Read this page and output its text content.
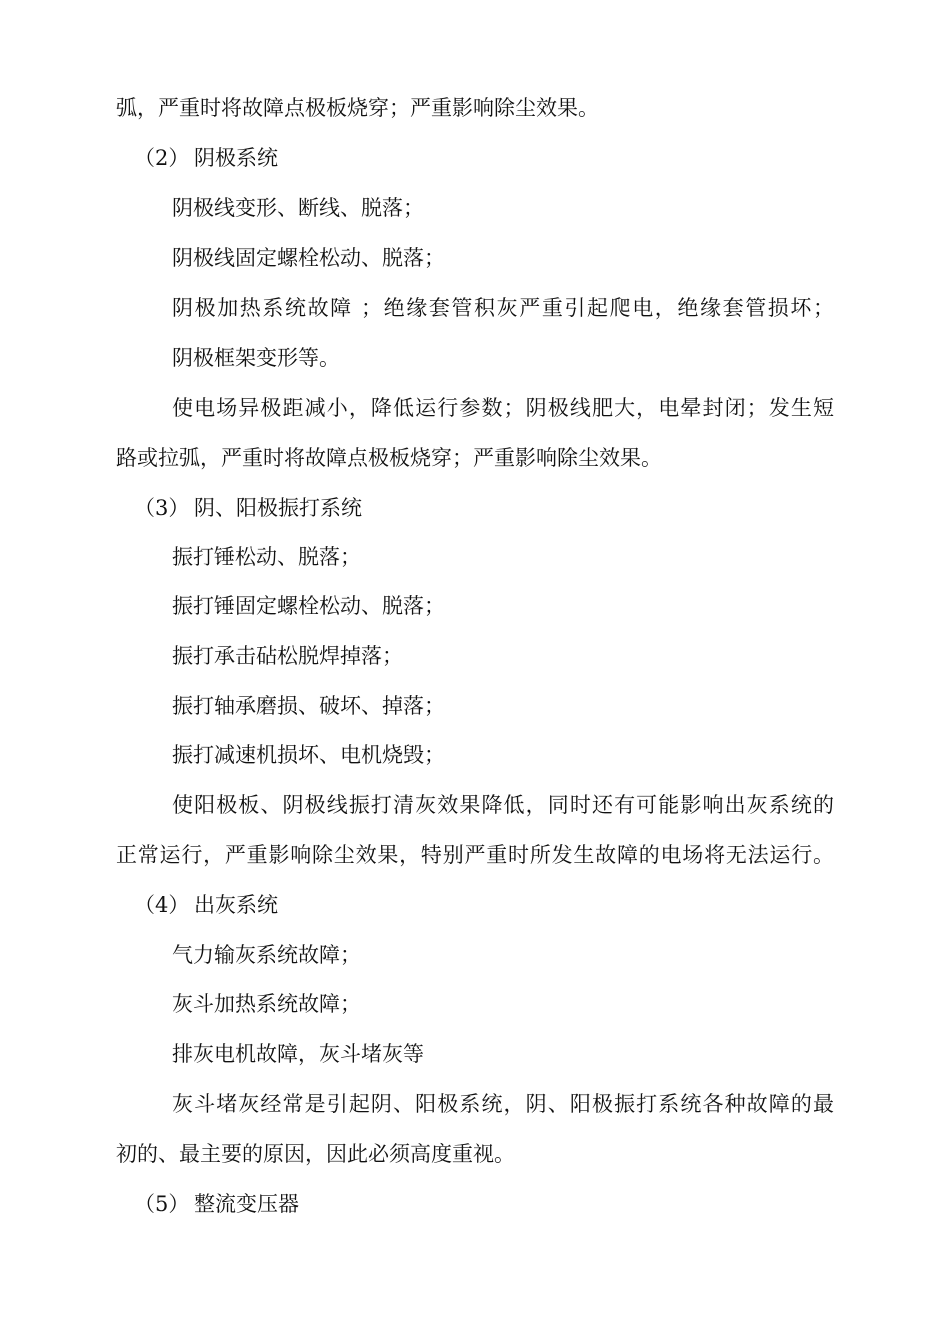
弧，严重时将故障点极板烧穿；严重影响除尘效果。
（2） 阴极系统
阴极线变形、断线、脱落；
阴极线固定螺栓松动、脱落；
阴极加热系统故障 ；绝缘套管积灰严重引起爬电，绝缘套管损坏；
阴极框架变形等。
使电场异极距减小，降低运行参数；阴极线肥大，电晕封闭；发生短
路或拉弧，严重时将故障点极板烧穿；严重影响除尘效果。
（3） 阴、阳极振打系统
振打锤松动、脱落；
振打锤固定螺栓松动、脱落；
振打承击砧松脱焊掉落；
振打轴承磨损、破坏、掉落；
振打减速机损坏、电机烧毁；
使阳极板、阴极线振打清灰效果降低，同时还有可能影响出灰系统的
正常运行，严重影响除尘效果，特别严重时所发生故障的电场将无法运行。
（4） 出灰系统
气力输灰系统故障；
灰斗加热系统故障；
排灰电机故障，灰斗堵灰等
灰斗堵灰经常是引起阴、阳极系统，阴、阳极振打系统各种故障的最
初的、最主要的原因，因此必须高度重视。
（5） 整流变压器
